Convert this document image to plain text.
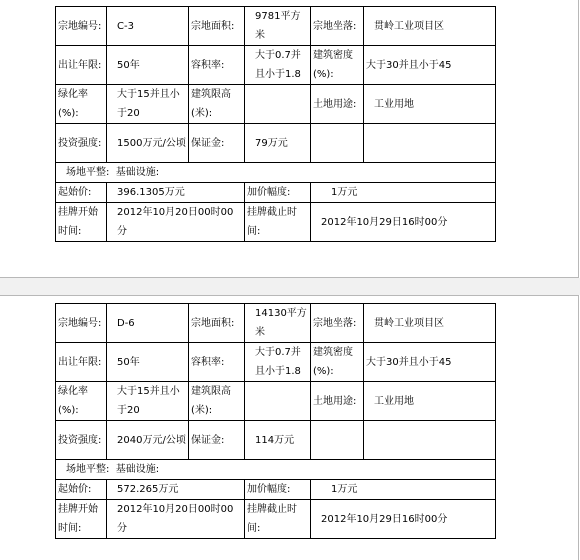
宗地编号:	C-3	宗地面积:	9781平方米	宗地坐落:	贯岭工业项目区
出让年限:	50年	容积率:	大于0.7并且小于1.8	建筑密度(%):	大于30并且小于45
绿化率(%):	大于15并且小于20	建筑限高(米):		土地用途:	工业用地
投资强度:	1500万元/公顷	保证金:	79万元		
场地平整: 基础设施:					
起始价:	396.1305万元		加价幅度:	1万元	
挂牌开始时间:	2012年10月20日00时00分		挂牌截止时间:	2012年10月29日16时00分	
宗地编号:	D-6	宗地面积:	14130平方米	宗地坐落:	贯岭工业项目区
出让年限:	50年	容积率:	大于0.7并且小于1.8	建筑密度(%):	大于30并且小于45
绿化率(%):	大于15并且小于20	建筑限高(米):		土地用途:	工业用地
投资强度:	2040万元/公顷	保证金:	114万元		
场地平整: 基础设施:					
起始价:	572.265万元		加价幅度:	1万元	
挂牌开始时间:	2012年10月20日00时00分		挂牌截止时间:	2012年10月29日16时00分	
